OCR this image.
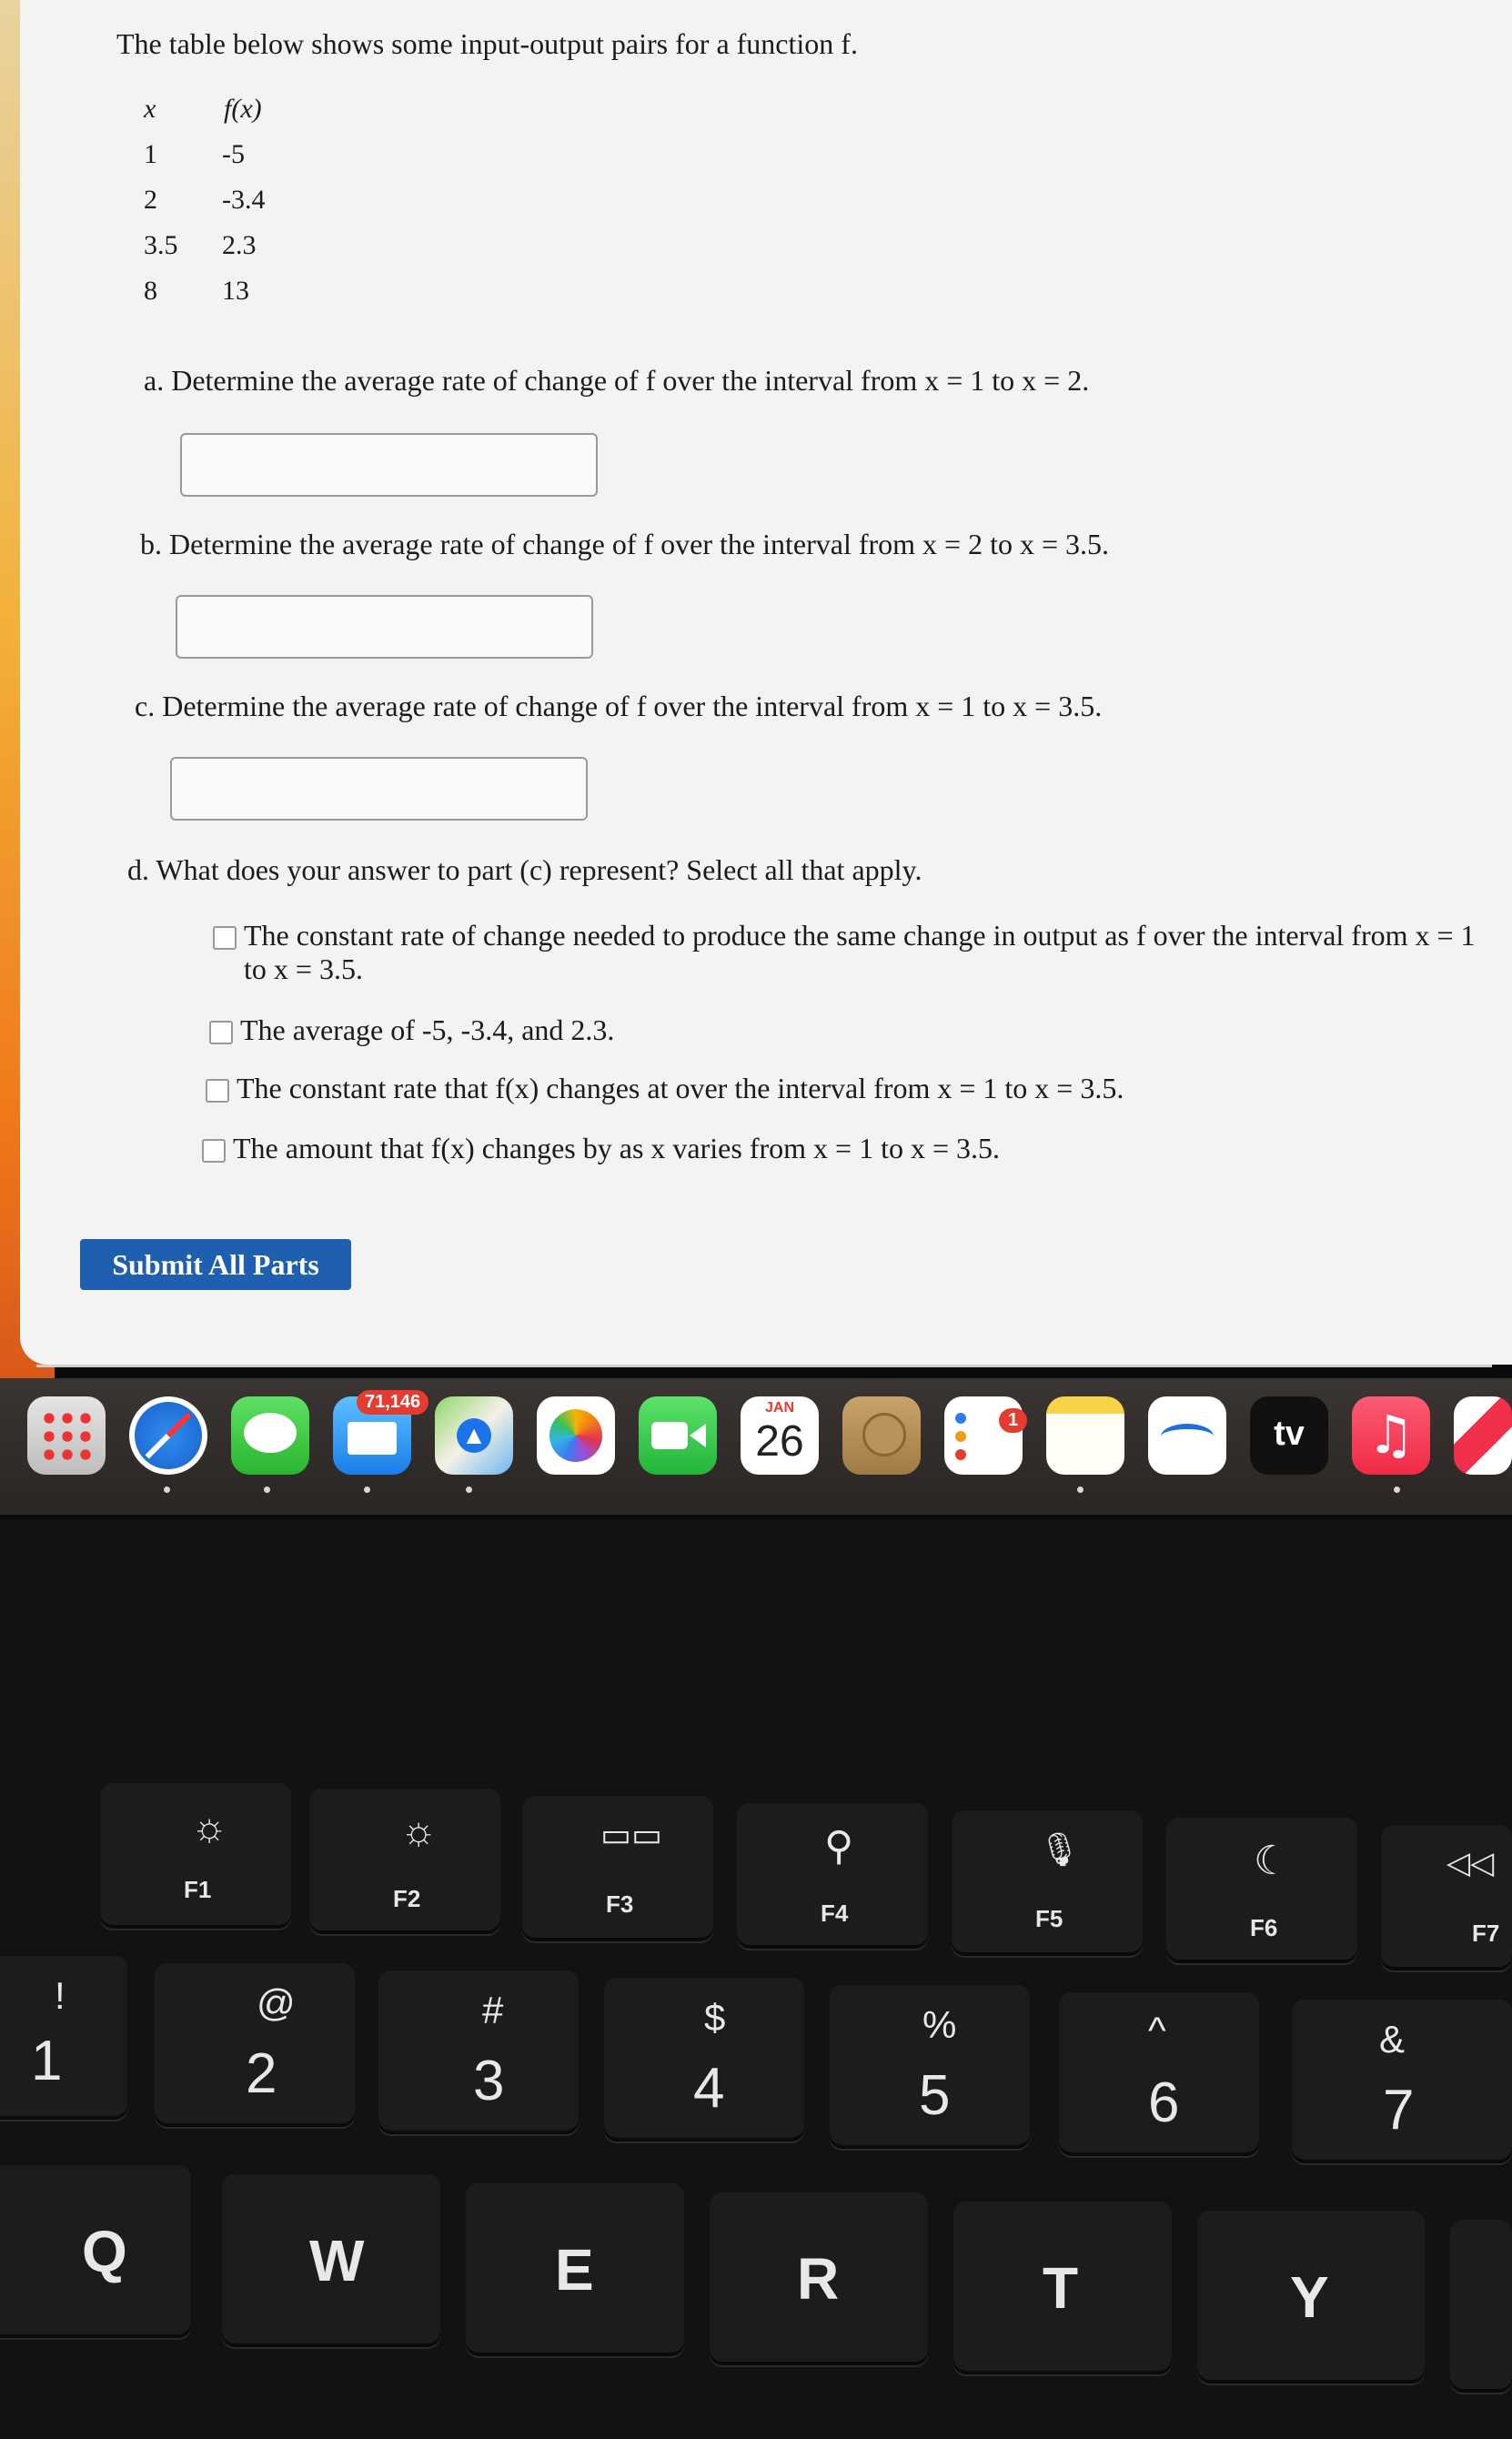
The table below shows some input-output pairs for a function f.
x	f(x)
1	-5
2	-3.4
3.5	2.3
8	13
a. Determine the average rate of change of f over the interval from x = 1 to x = 2.
b. Determine the average rate of change of f over the interval from x = 2 to x = 3.5.
c. Determine the average rate of change of f over the interval from x = 1 to x = 3.5.
d. What does your answer to part (c) represent? Select all that apply.
The constant rate of change needed to produce the same change in output as f over the interval from x = 1 to x = 3.5.
The average of -5, -3.4, and 2.3.
The constant rate that f(x) changes at over the interval from x = 1 to x = 3.5.
The amount that f(x) changes by as x varies from x = 1 to x = 3.5.
Submit All Parts
71,146
▲
JAN
26	1	tv	♫
☼
F1
☼
F2
▭▭
F3
⚲
F4
🎙
F5
☾
F6
◁◁
F7
!
1
@
2
#
3
$
4
%
5
^
6
&
7
Q	W	E	R	T	Y
